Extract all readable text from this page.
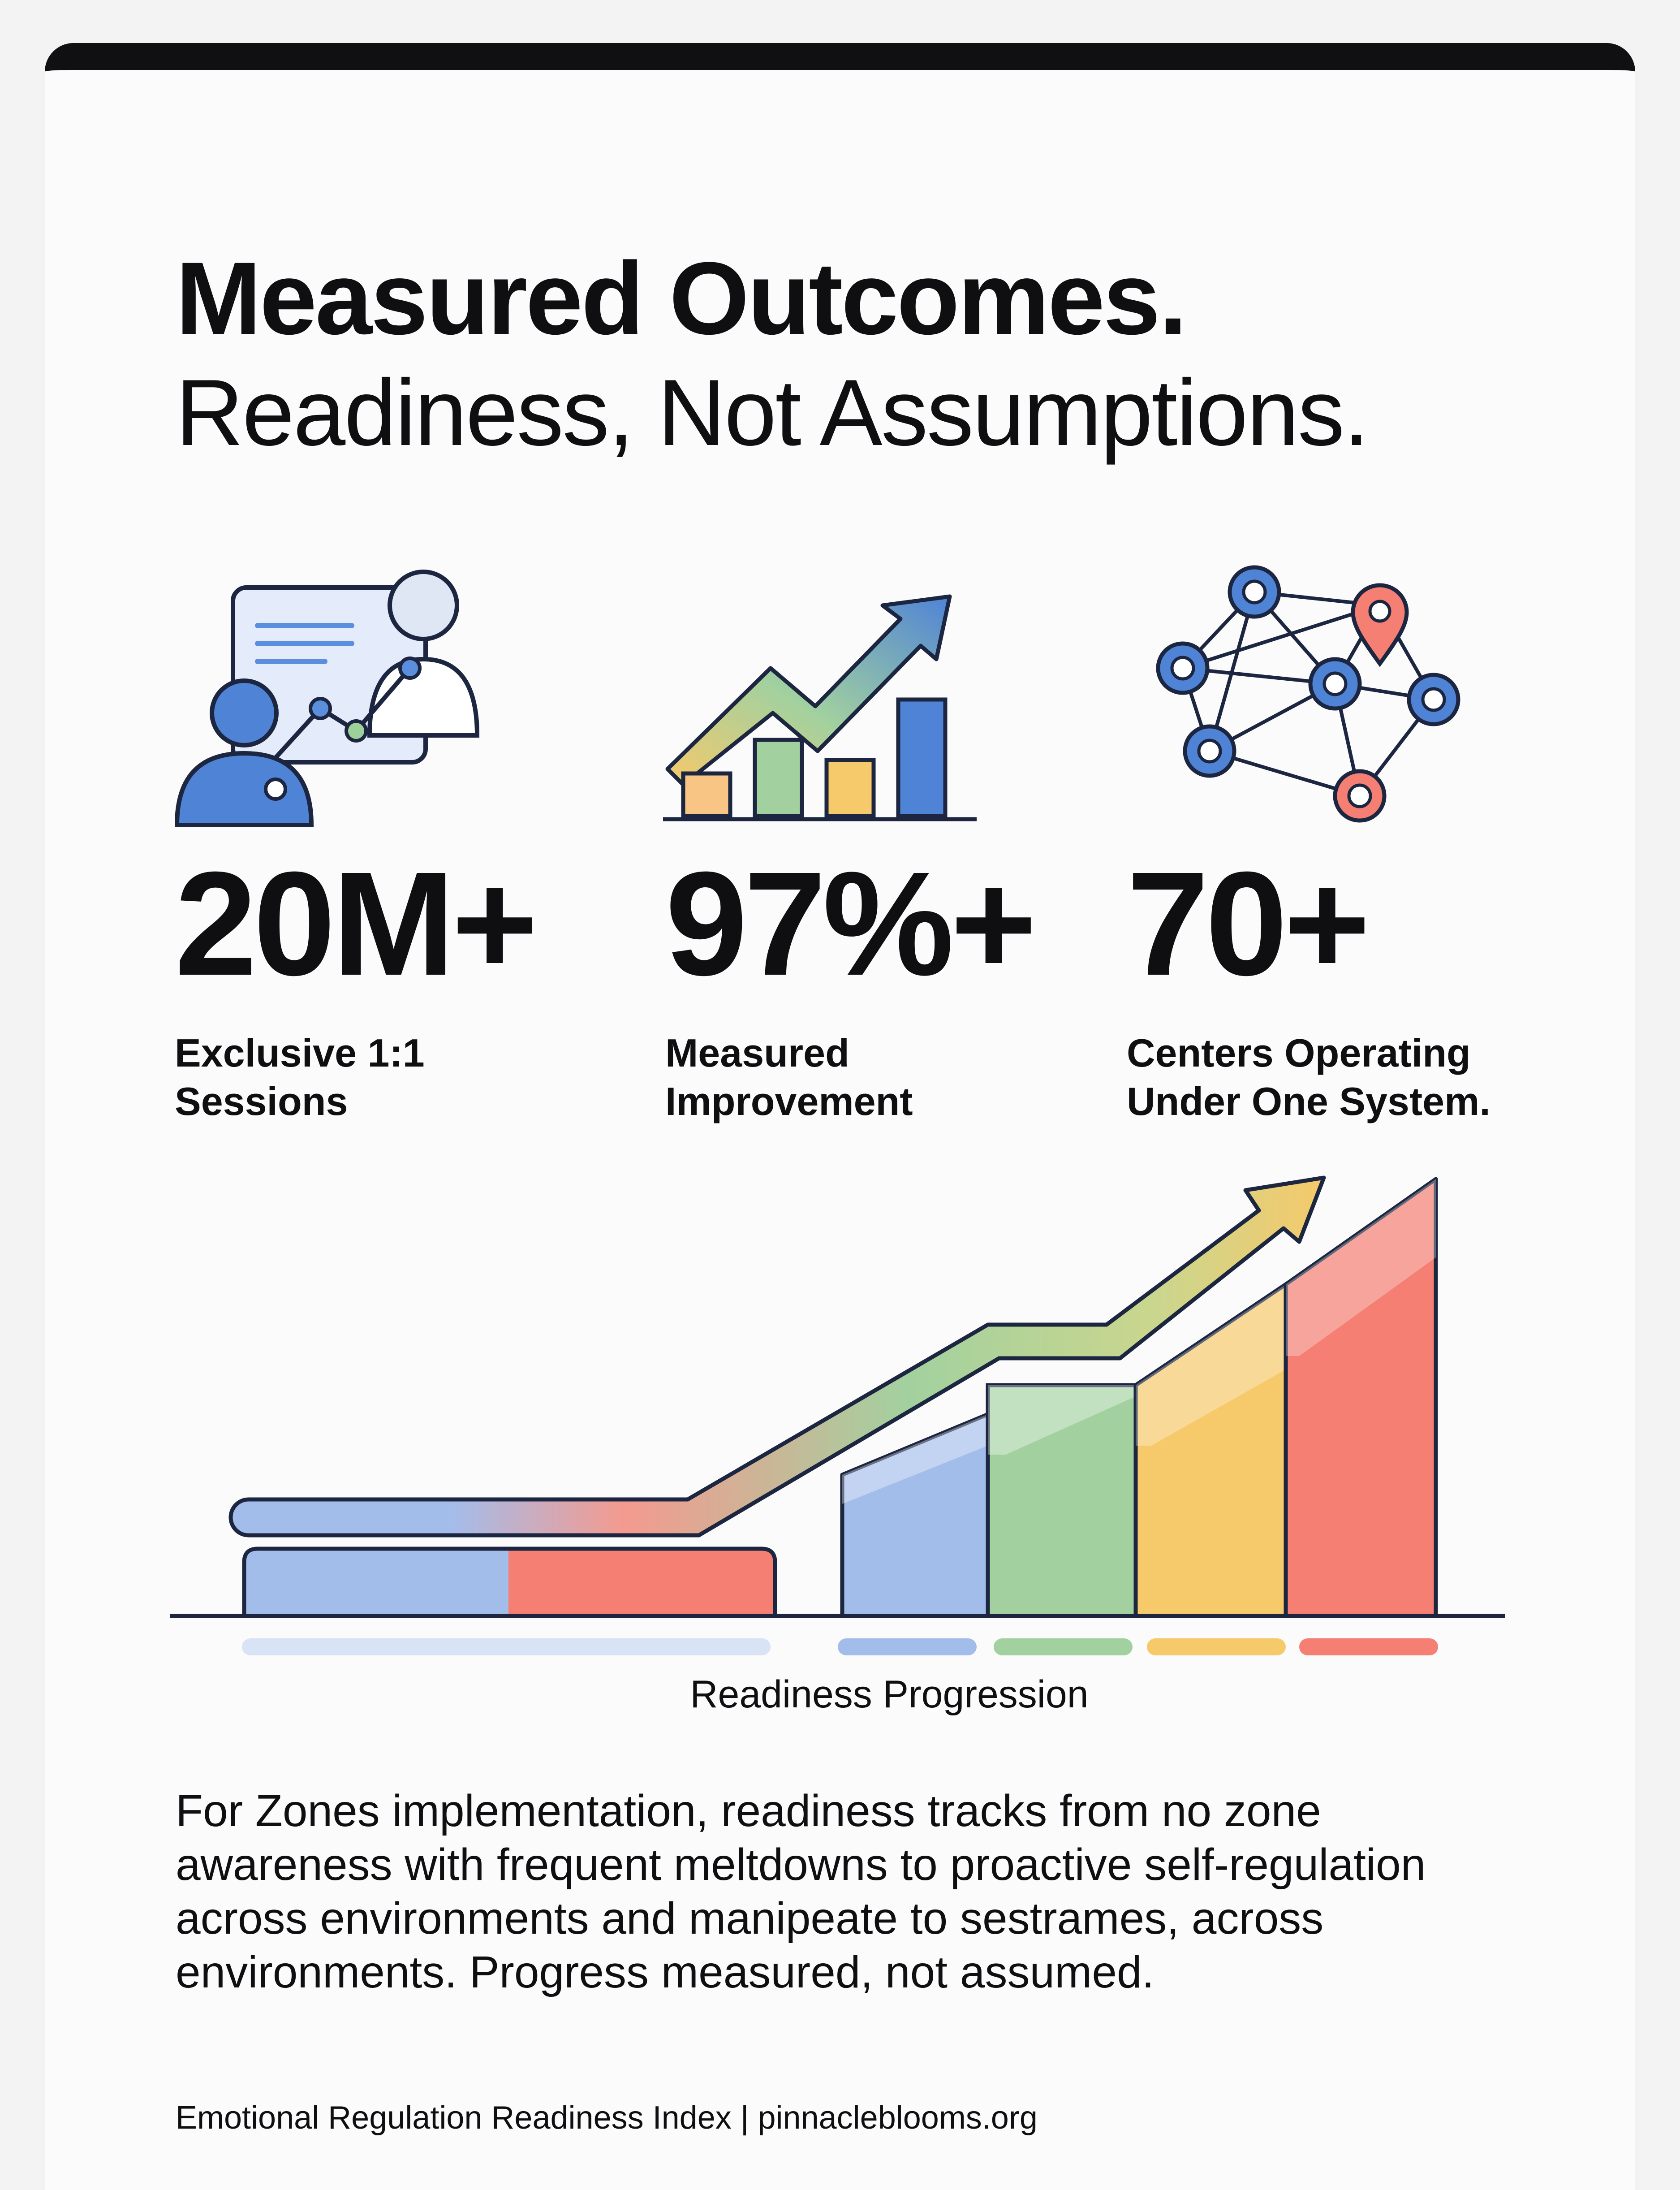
Measured Outcomes.
Readiness, Not Assumptions.
20M+
Exclusive 1:1
Sessions
97%+
Measured
Improvement
70+
Centers Operating
Under One System.
Readiness Progression
For Zones implementation, readiness tracks from no zone awareness with frequent meltdowns to proactive self-regulation across environments and manipeate to sestrames, across environments. Progress measured, not assumed.
Emotional Regulation Readiness Index | pinnacleblooms.org
